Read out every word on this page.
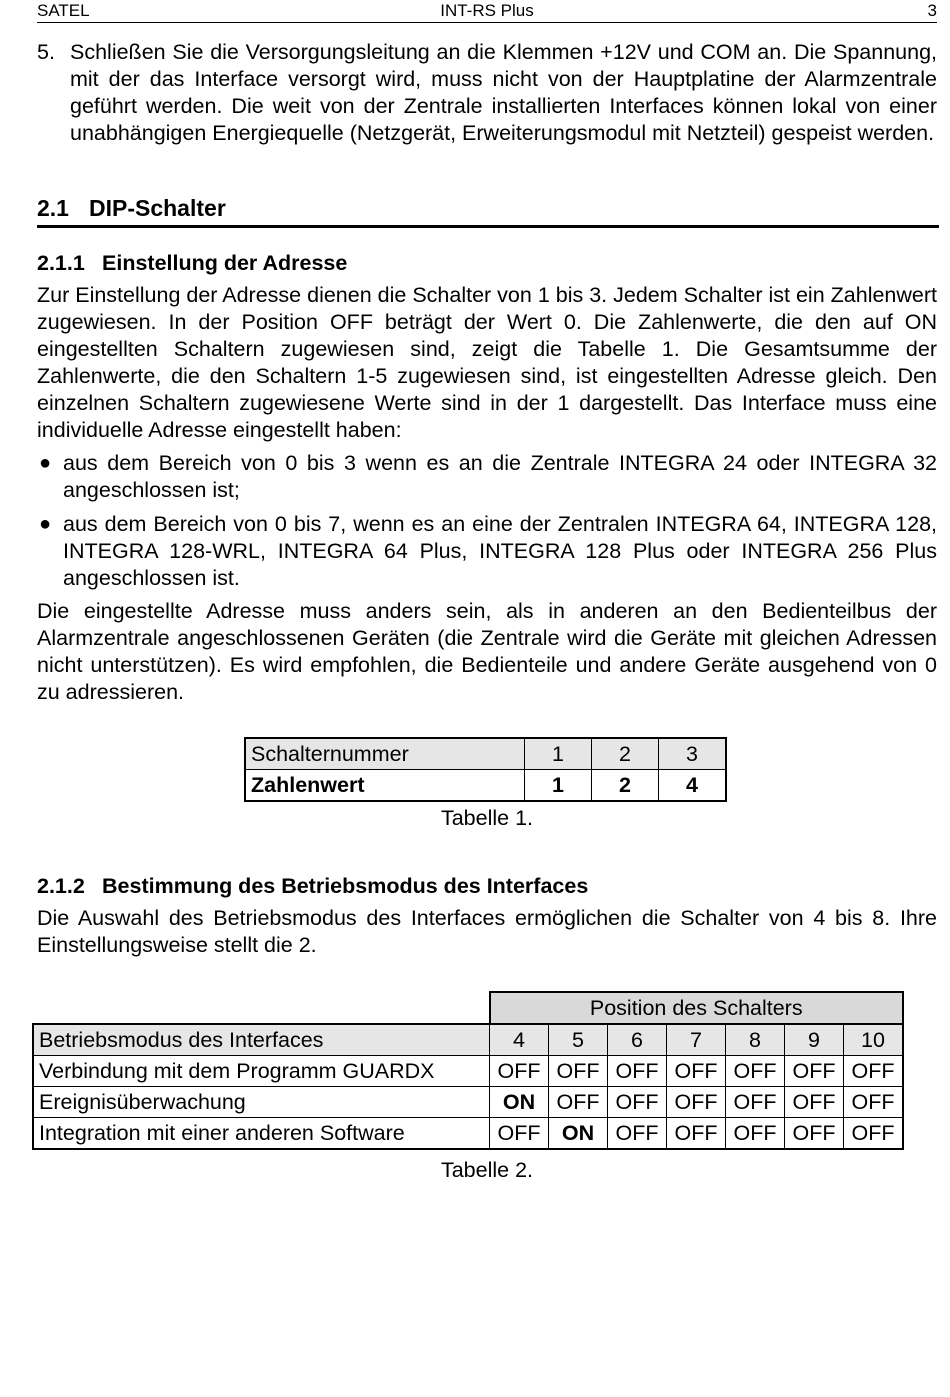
SATEL	INT-RS Plus	3
5. Schließen Sie die Versorgungsleitung an die Klemmen +12V und COM an. Die Spannung, mit der das Interface versorgt wird, muss nicht von der Hauptplatine der Alarmzentrale geführt werden. Die weit von der Zentrale installierten Interfaces können lokal von einer unabhängigen Energiequelle (Netzgerät, Erweiterungsmodul mit Netzteil) gespeist werden.
2.1 DIP-Schalter
2.1.1 Einstellung der Adresse
Zur Einstellung der Adresse dienen die Schalter von 1 bis 3. Jedem Schalter ist ein Zahlenwert zugewiesen. In der Position OFF beträgt der Wert 0. Die Zahlenwerte, die den auf ON eingestellten Schaltern zugewiesen sind, zeigt die Tabelle 1. Die Gesamtsumme der Zahlenwerte, die den Schaltern 1-5 zugewiesen sind, ist eingestellten Adresse gleich. Den einzelnen Schaltern zugewiesene Werte sind in der 1 dargestellt. Das Interface muss eine individuelle Adresse eingestellt haben:
● aus dem Bereich von 0 bis 3 wenn es an die Zentrale INTEGRA 24 oder INTEGRA 32 angeschlossen ist;
● aus dem Bereich von 0 bis 7, wenn es an eine der Zentralen INTEGRA 64, INTEGRA 128, INTEGRA 128-WRL, INTEGRA 64 Plus, INTEGRA 128 Plus oder INTEGRA 256 Plus angeschlossen ist.
Die eingestellte Adresse muss anders sein, als in anderen an den Bedienteilbus der Alarmzentrale angeschlossenen Geräten (die Zentrale wird die Geräte mit gleichen Adressen nicht unterstützen). Es wird empfohlen, die Bedienteile und andere Geräte ausgehend von 0 zu adressieren.
Schalternummer	1	2	3
Zahlenwert	1	2	4
Tabelle 1.
2.1.2 Bestimmung des Betriebsmodus des Interfaces
Die Auswahl des Betriebsmodus des Interfaces ermöglichen die Schalter von 4 bis 8. Ihre Einstellungsweise stellt die 2.
	Position des Schalters						
Betriebsmodus des Interfaces	4	5	6	7	8	9	10
Verbindung mit dem Programm GUARDX	OFF	OFF	OFF	OFF	OFF	OFF	OFF
Ereignisüberwachung	ON	OFF	OFF	OFF	OFF	OFF	OFF
Integration mit einer anderen Software	OFF	ON	OFF	OFF	OFF	OFF	OFF
Tabelle 2.
